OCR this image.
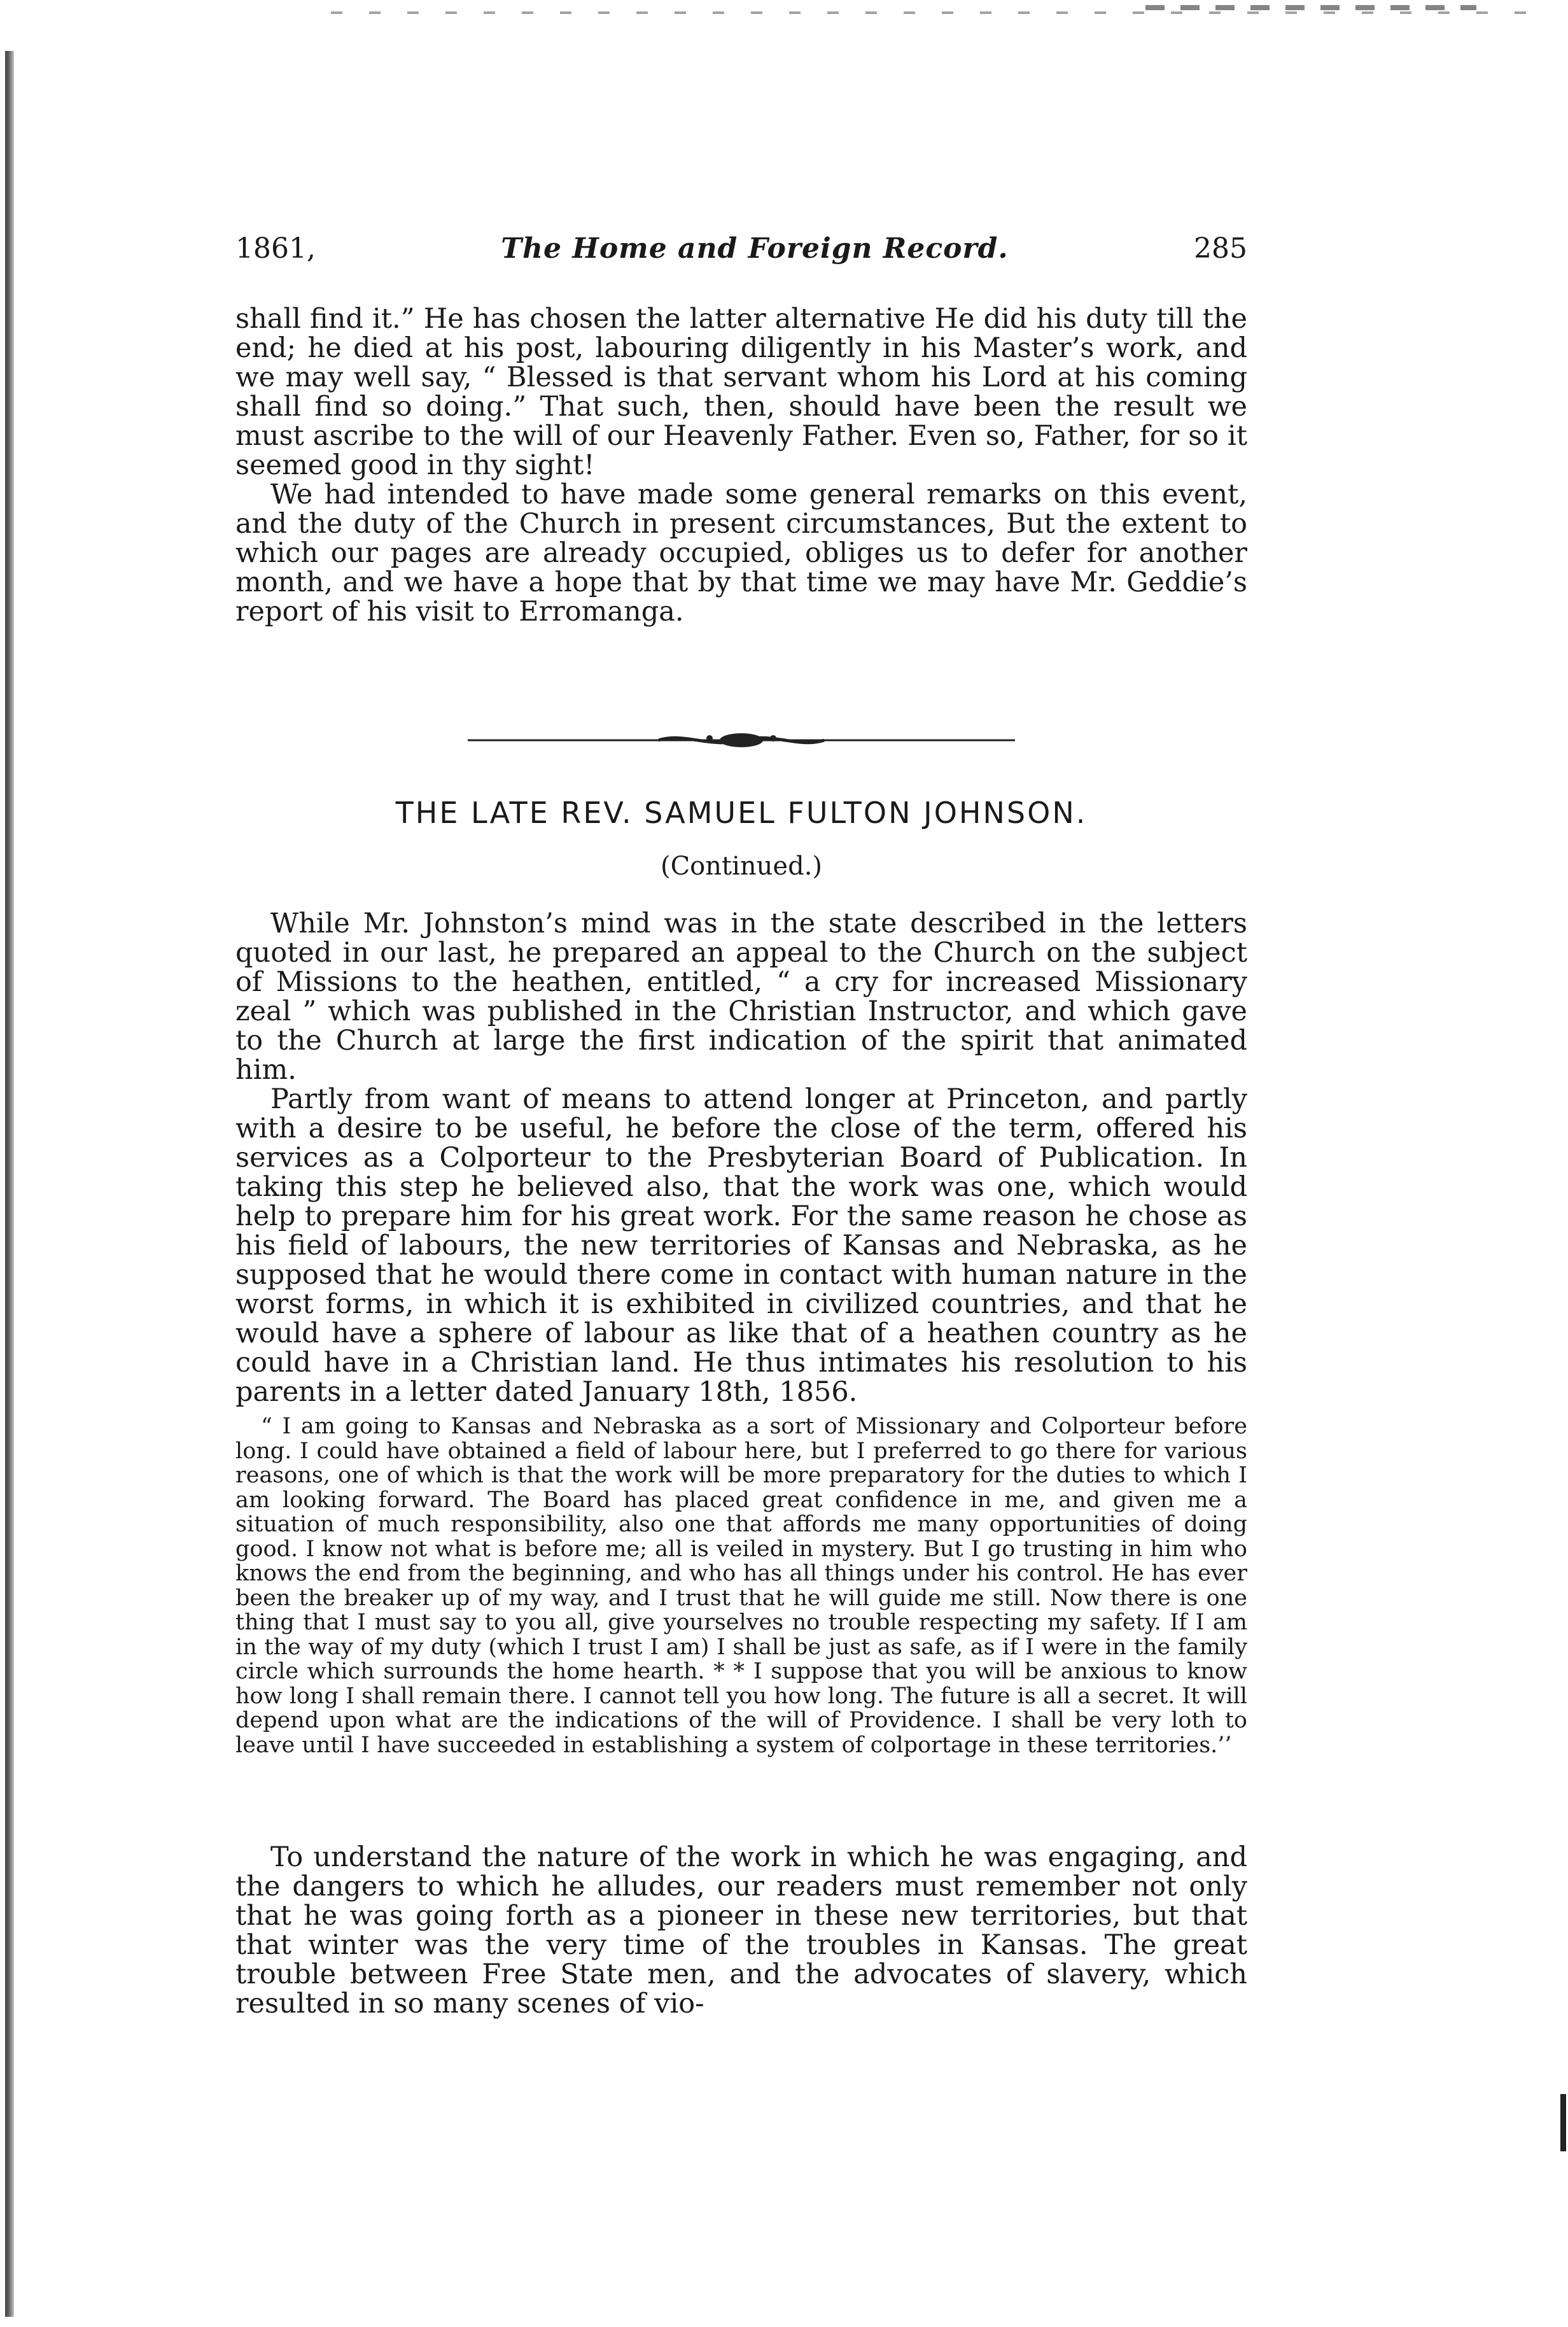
1861,	The Home and Foreign Record.	285

shall find it.” He has chosen the latter alternative He did his duty till the end; he died at his post, labouring diligently in his Master’s work, and we may well say, “ Blessed is that servant whom his Lord at his coming shall find so doing.” That such, then, should have been the result we must ascribe to the will of our Heavenly Father. Even so, Father, for so it seemed good in thy sight!

We had intended to have made some general remarks on this event, and the duty of the Church in present circumstances, But the extent to which our pages are already occupied, obliges us to defer for another month, and we have a hope that by that time we may have Mr. Geddie’s report of his visit to Erromanga.

THE LATE REV. SAMUEL FULTON JOHNSON.
(Continued.)

While Mr. Johnston’s mind was in the state described in the letters quoted in our last, he prepared an appeal to the Church on the subject of Missions to the heathen, entitled, “ a cry for increased Missionary zeal ” which was published in the Christian Instructor, and which gave to the Church at large the first indication of the spirit that animated him.

Partly from want of means to attend longer at Princeton, and partly with a desire to be useful, he before the close of the term, offered his services as a Colporteur to the Presbyterian Board of Publication. In taking this step he believed also, that the work was one, which would help to prepare him for his great work. For the same reason he chose as his field of labours, the new territories of Kansas and Nebraska, as he supposed that he would there come in contact with human nature in the worst forms, in which it is exhibited in civilized countries, and that he would have a sphere of labour as like that of a heathen country as he could have in a Christian land. He thus intimates his resolution to his parents in a letter dated January 18th, 1856.

“ I am going to Kansas and Nebraska as a sort of Missionary and Colporteur before long. I could have obtained a field of labour here, but I preferred to go there for various reasons, one of which is that the work will be more preparatory for the duties to which I am looking forward. The Board has placed great confidence in me, and given me a situation of much responsibility, also one that affords me many opportunities of doing good. I know not what is before me; all is veiled in mystery. But I go trusting in him who knows the end from the beginning, and who has all things under his control. He has ever been the breaker up of my way, and I trust that he will guide me still. Now there is one thing that I must say to you all, give yourselves no trouble respecting my safety. If I am in the way of my duty (which I trust I am) I shall be just as safe, as if I were in the family circle which surrounds the home hearth. * * I suppose that you will be anxious to know how long I shall remain there. I cannot tell you how long. The future is all a secret. It will depend upon what are the indications of the will of Providence. I shall be very loth to leave until I have succeeded in establishing a system of colportage in these territories.’’

To understand the nature of the work in which he was engaging, and the dangers to which he alludes, our readers must remember not only that he was going forth as a pioneer in these new territories, but that that winter was the very time of the troubles in Kansas. The great trouble between Free State men, and the advocates of slavery, which resulted in so many scenes of vio-
